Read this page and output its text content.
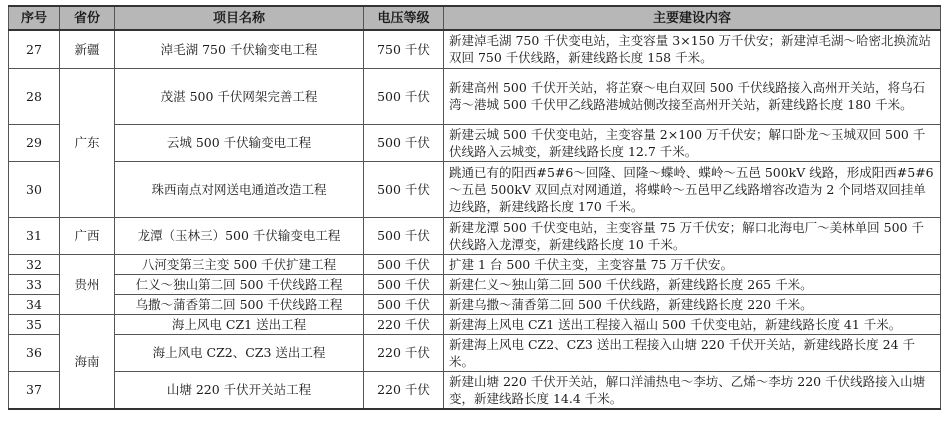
序号	省份	项目名称	电压等级	主要建设内容
27	新疆	淖毛湖 750 千伏输变电工程	750 千伏	新建淖毛湖 750 千伏变电站，主变容量 3×150 万千伏安；新建淖毛湖～哈密北换流站双回 750 千伏线路，新建线路长度 158 千米。
28	广东	茂湛 500 千伏网架完善工程	500 千伏	新建高州 500 千伏开关站，将芷寮～电白双回 500 千伏线路接入高州开关站，将乌石湾～港城 500 千伏甲乙线路港城站侧改接至高州开关站，新建线路长度 180 千米。
29		云城 500 千伏输变电工程	500 千伏	新建云城 500 千伏变电站，主变容量 2×100 万千伏安；解口卧龙～玉城双回 500 千伏线路入云城变，新建线路长度 12.7 千米。
30		珠西南点对网送电通道改造工程	500 千伏	跳通已有的阳西#5#6～回隆、回隆～蝶岭、蝶岭～五邑 500kV 线路，形成阳西#5#6～五邑 500kV 双回点对网通道，将蝶岭～五邑甲乙线路增容改造为 2 个同塔双回挂单边线路，新建线路长度 170 千米。
31	广西	龙潭（玉林三）500 千伏输变电工程	500 千伏	新建龙潭 500 千伏变电站，主变容量 75 万千伏安；解口北海电厂～美林单回 500 千伏线路入龙潭变，新建线路长度 10 千米。
32	贵州	八河变第三主变 500 千伏扩建工程	500 千伏	扩建 1 台 500 千伏主变，主变容量 75 万千伏安。
33		仁义～独山第二回 500 千伏线路工程	500 千伏	新建仁义～独山第二回 500 千伏线路，新建线路长度 265 千米。
34		乌撒～蒲香第二回 500 千伏线路工程	500 千伏	新建乌撒～蒲香第二回 500 千伏线路，新建线路长度 220 千米。
35	海南	海上风电 CZ1 送出工程	220 千伏	新建海上风电 CZ1 送出工程接入福山 500 千伏变电站，新建线路长度 41 千米。
36		海上风电 CZ2、CZ3 送出工程	220 千伏	新建海上风电 CZ2、CZ3 送出工程接入山塘 220 千伏开关站，新建线路长度 24 千米。
37		山塘 220 千伏开关站工程	220 千伏	新建山塘 220 千伏开关站，解口洋浦热电～李坊、乙烯～李坊 220 千伏线路接入山塘变，新建线路长度 14.4 千米。
